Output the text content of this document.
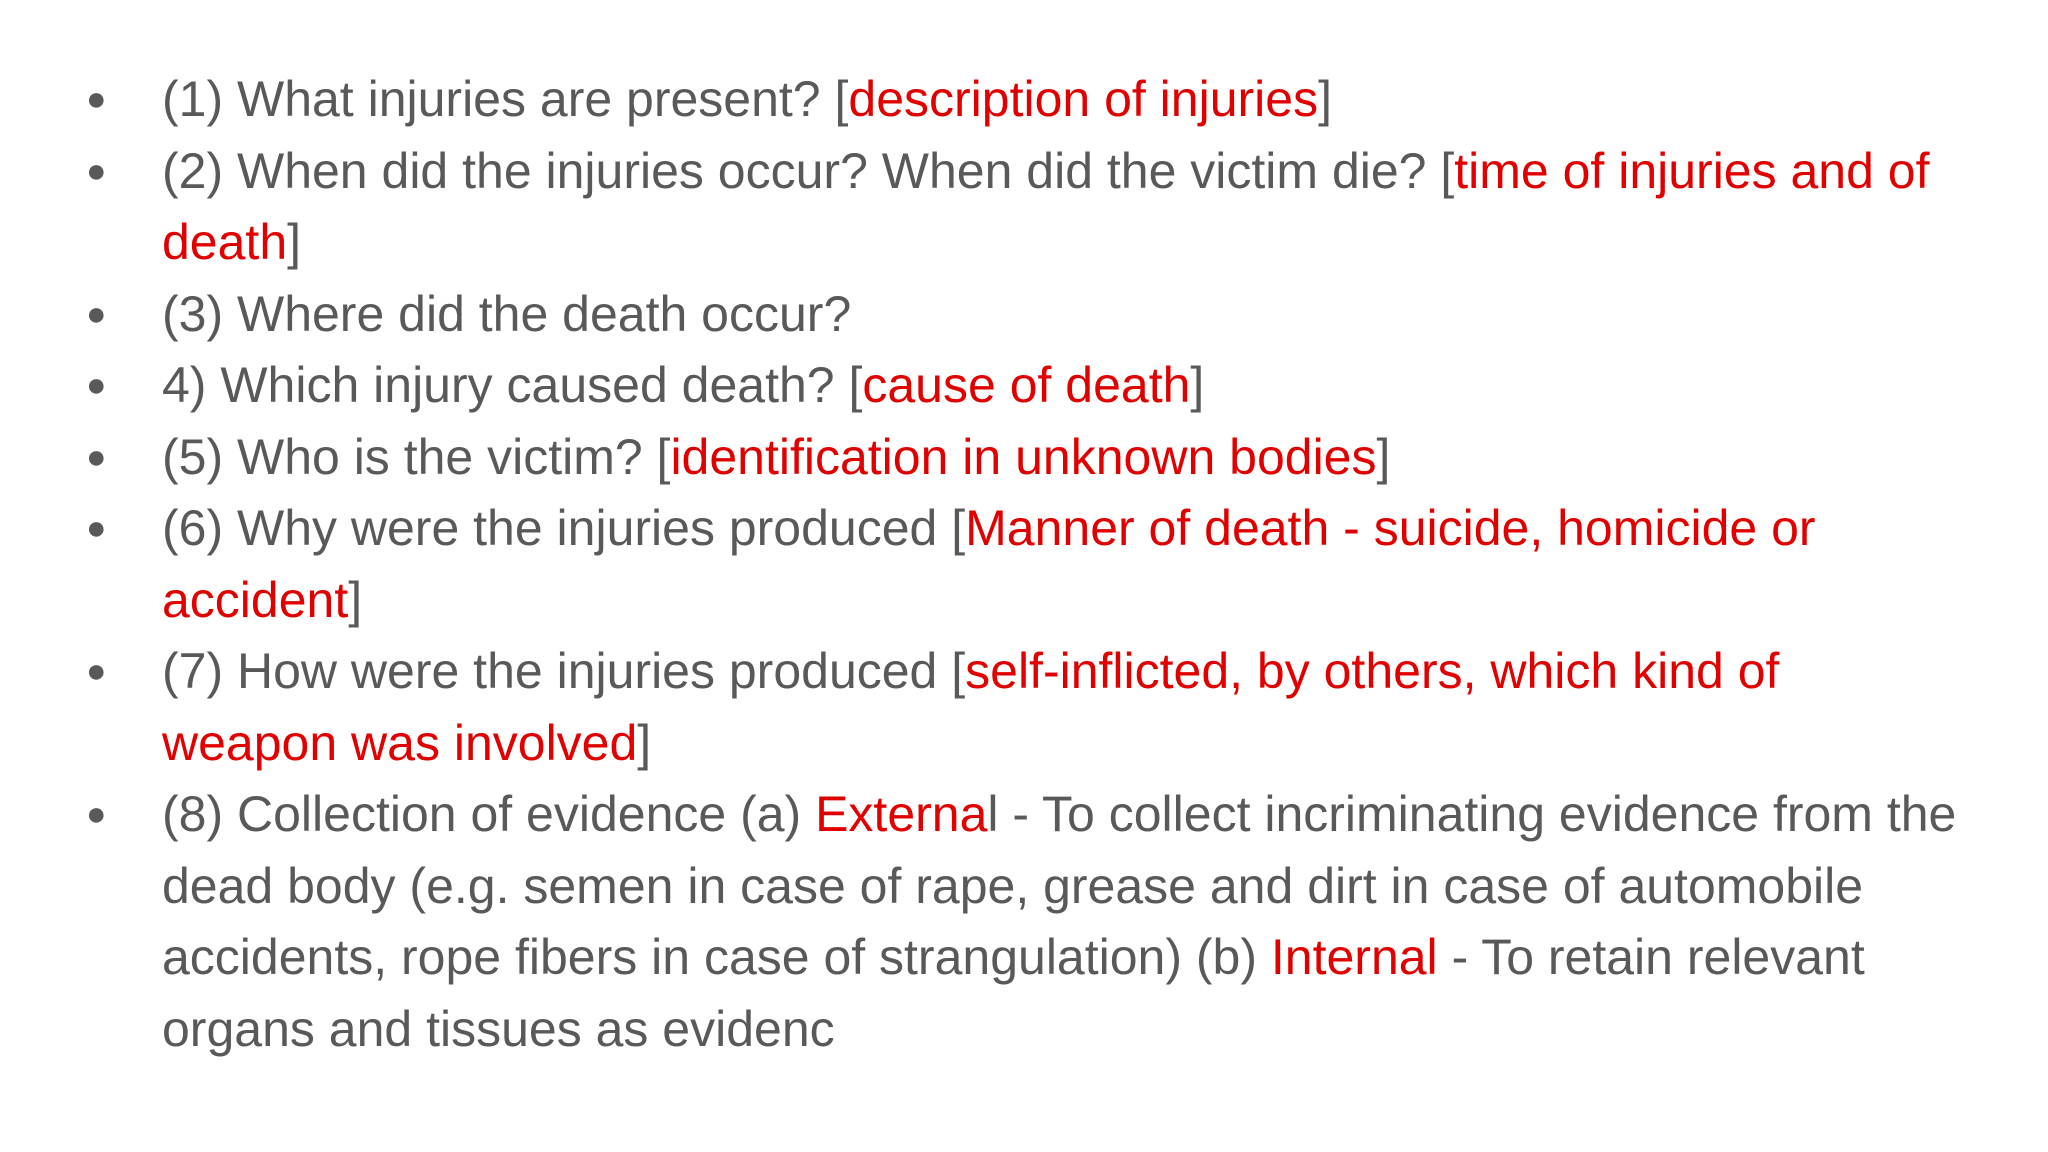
● (1) What injuries are present? [description of injuries]
● (2) When did the injuries occur? When did the victim die? [time of injuries and of death]
● (3) Where did the death occur?
● 4) Which injury caused death? [cause of death]
● (5) Who is the victim? [identification in unknown bodies]
● (6) Why were the injuries produced [Manner of death - suicide, homicide or accident]
● (7) How were the injuries produced [self-inflicted, by others, which kind of weapon was involved]
● (8) Collection of evidence (a) External - To collect incriminating evidence from the dead body (e.g. semen in case of rape, grease and dirt in case of automobile accidents, rope fibers in case of strangulation) (b) Internal - To retain relevant organs and tissues as evidenc
